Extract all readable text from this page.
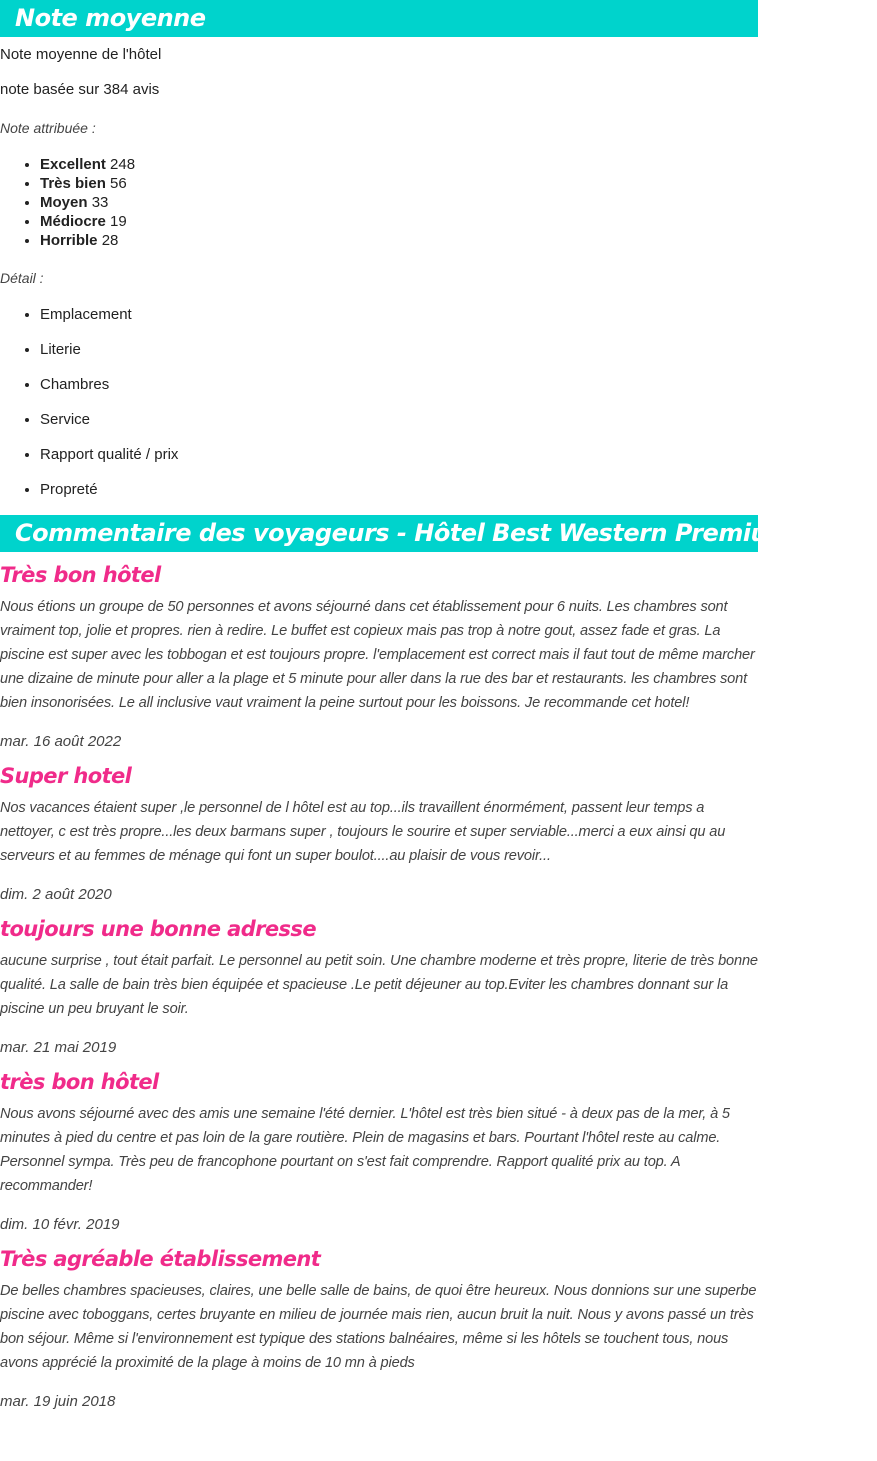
Note moyenne

Note moyenne de l'hôtel

note basée sur 384 avis

Note attribuée :

• Excellent 248
• Très bien 56
• Moyen 33
• Médiocre 19
• Horrible 28

Détail :

• Emplacement
• Literie
• Chambres
• Service
• Rapport qualité / prix
• Propreté
Commentaire des voyageurs - Hôtel Best Western Premium Inn 4*
Très bon hôtel

Nous étions un groupe de 50 personnes et avons séjourné dans cet établissement pour 6 nuits. Les chambres sont vraiment top, jolie et propres. rien à redire. Le buffet est copieux mais pas trop à notre gout, assez fade et gras. La piscine est super avec les tobbogan et est toujours propre. l'emplacement est correct mais il faut tout de même marcher une dizaine de minute pour aller a la plage et 5 minute pour aller dans la rue des bar et restaurants. les chambres sont bien insonorisées. Le all inclusive vaut vraiment la peine surtout pour les boissons. Je recommande cet hotel!

mar. 16 août 2022

Super hotel

Nos vacances étaient super ,le personnel de l hôtel est au top...ils travaillent énormément, passent leur temps a nettoyer, c est très propre...les deux barmans super , toujours le sourire et super serviable...merci a eux ainsi qu au serveurs et au femmes de ménage qui font un super boulot....au plaisir de vous revoir...

dim. 2 août 2020

toujours une bonne adresse

aucune surprise , tout était parfait. Le personnel au petit soin. Une chambre moderne et très propre, literie de très bonne qualité. La salle de bain très bien équipée et spacieuse .Le petit déjeuner au top.Eviter les chambres donnant sur la piscine un peu bruyant le soir.

mar. 21 mai 2019

très bon hôtel

Nous avons séjourné avec des amis une semaine l'été dernier. L'hôtel est très bien situé - à deux pas de la mer, à 5 minutes à pied du centre et pas loin de la gare routière. Plein de magasins et bars. Pourtant l'hôtel reste au calme. Personnel sympa. Très peu de francophone pourtant on s'est fait comprendre. Rapport qualité prix au top. A recommander!

dim. 10 févr. 2019

Très agréable établissement

De belles chambres spacieuses, claires, une belle salle de bains, de quoi être heureux. Nous donnions sur une superbe piscine avec toboggans, certes bruyante en milieu de journée mais rien, aucun bruit la nuit. Nous y avons passé un très bon séjour. Même si l'environnement est typique des stations balnéaires, même si les hôtels se touchent tous, nous avons apprécié la proximité de la plage à moins de 10 mn à pieds

mar. 19 juin 2018
